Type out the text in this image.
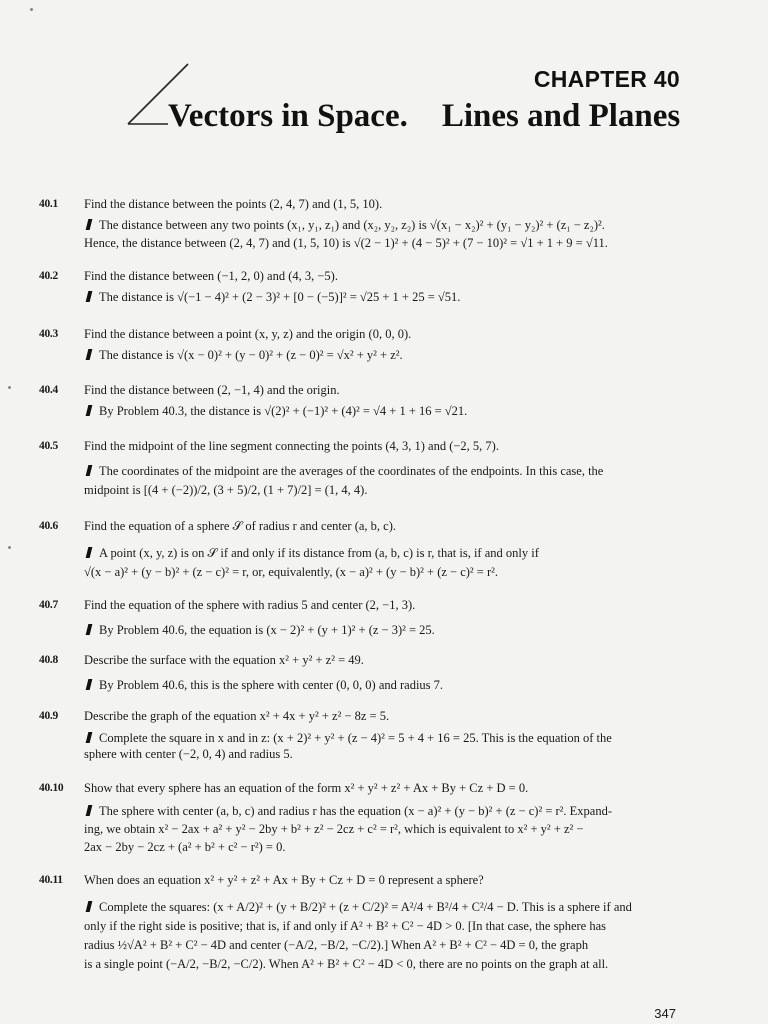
CHAPTER 40
Vectors in Space. Lines and Planes
40.1	Find the distance between the points (2, 4, 7) and (1, 5, 10).

The distance between any two points (x₁, y₁, z₁) and (x₂, y₂, z₂) is √(x₁ − x₂)² + (y₁ − y₂)² + (z₁ − z₂)².

Hence, the distance between (2, 4, 7) and (1, 5, 10) is √(2 − 1)² + (4 − 5)² + (7 − 10)² = √1 + 1 + 9 = √11.

40.2	Find the distance between (−1, 2, 0) and (4, 3, −5).

The distance is √(−1 − 4)² + (2 − 3)² + [0 − (−5)]² = √25 + 1 + 25 = √51.

40.3	Find the distance between a point (x, y, z) and the origin (0, 0, 0).

The distance is √(x − 0)² + (y − 0)² + (z − 0)² = √x² + y² + z².

40.4	Find the distance between (2, −1, 4) and the origin.

By Problem 40.3, the distance is √(2)² + (−1)² + (4)² = √4 + 1 + 16 = √21.

40.5	Find the midpoint of the line segment connecting the points (4, 3, 1) and (−2, 5, 7).

The coordinates of the midpoint are the averages of the coordinates of the endpoints. In this case, the

midpoint is [(4 + (−2))/2, (3 + 5)/2, (1 + 7)/2] = (1, 4, 4).

40.6	Find the equation of a sphere 𝒮 of radius r and center (a, b, c).

A point (x, y, z) is on 𝒮 if and only if its distance from (a, b, c) is r, that is, if and only if

√(x − a)² + (y − b)² + (z − c)² = r, or, equivalently, (x − a)² + (y − b)² + (z − c)² = r².

40.7	Find the equation of the sphere with radius 5 and center (2, −1, 3).

By Problem 40.6, the equation is (x − 2)² + (y + 1)² + (z − 3)² = 25.

40.8	Describe the surface with the equation x² + y² + z² = 49.

By Problem 40.6, this is the sphere with center (0, 0, 0) and radius 7.

40.9	Describe the graph of the equation x² + 4x + y² + z² − 8z = 5.

Complete the square in x and in z: (x + 2)² + y² + (z − 4)² = 5 + 4 + 16 = 25. This is the equation of the

sphere with center (−2, 0, 4) and radius 5.

40.10	Show that every sphere has an equation of the form x² + y² + z² + Ax + By + Cz + D = 0.

The sphere with center (a, b, c) and radius r has the equation (x − a)² + (y − b)² + (z − c)² = r². Expand-

ing, we obtain x² − 2ax + a² + y² − 2by + b² + z² − 2cz + c² = r², which is equivalent to x² + y² + z² −

2ax − 2by − 2cz + (a² + b² + c² − r²) = 0.

40.11	When does an equation x² + y² + z² + Ax + By + Cz + D = 0 represent a sphere?

Complete the squares: (x + A/2)² + (y + B/2)² + (z + C/2)² = A²/4 + B²/4 + C²/4 − D. This is a sphere if and

only if the right side is positive; that is, if and only if A² + B² + C² − 4D > 0. [In that case, the sphere has

radius ½√A² + B² + C² − 4D and center (−A/2, −B/2, −C/2).] When A² + B² + C² − 4D = 0, the graph

is a single point (−A/2, −B/2, −C/2). When A² + B² + C² − 4D < 0, there are no points on the graph at all.

347
